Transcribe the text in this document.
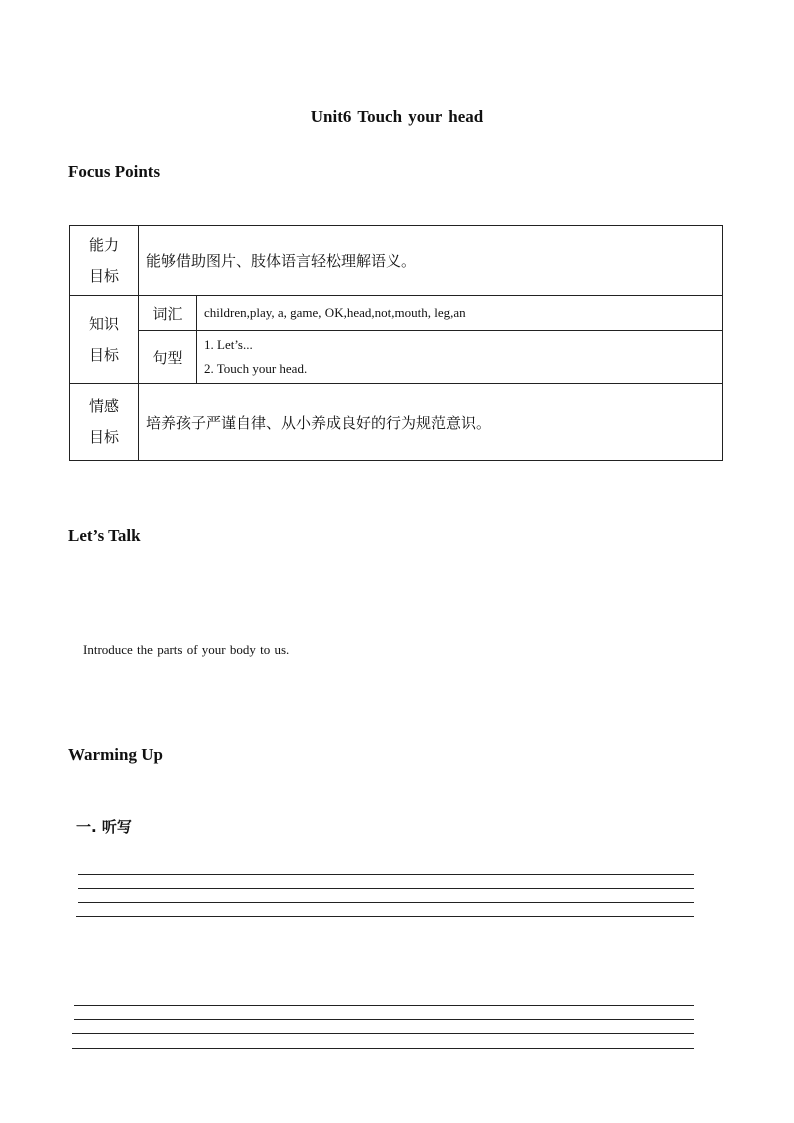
Unit6 Touch your head
Focus Points
能力
目标	能够借助图片、肢体语言轻松理解语义。	

知识
目标	词汇	children,play, a, game, OK,head,not,mouth, leg,an
	句型	1. Let’s...
2. Touch your head.

情感
目标	培养孩子严谨自律、从小养成良好的行为规范意识。	
Let’s Talk
Introduce the parts of your body to us.
Warming Up
一. 听写
